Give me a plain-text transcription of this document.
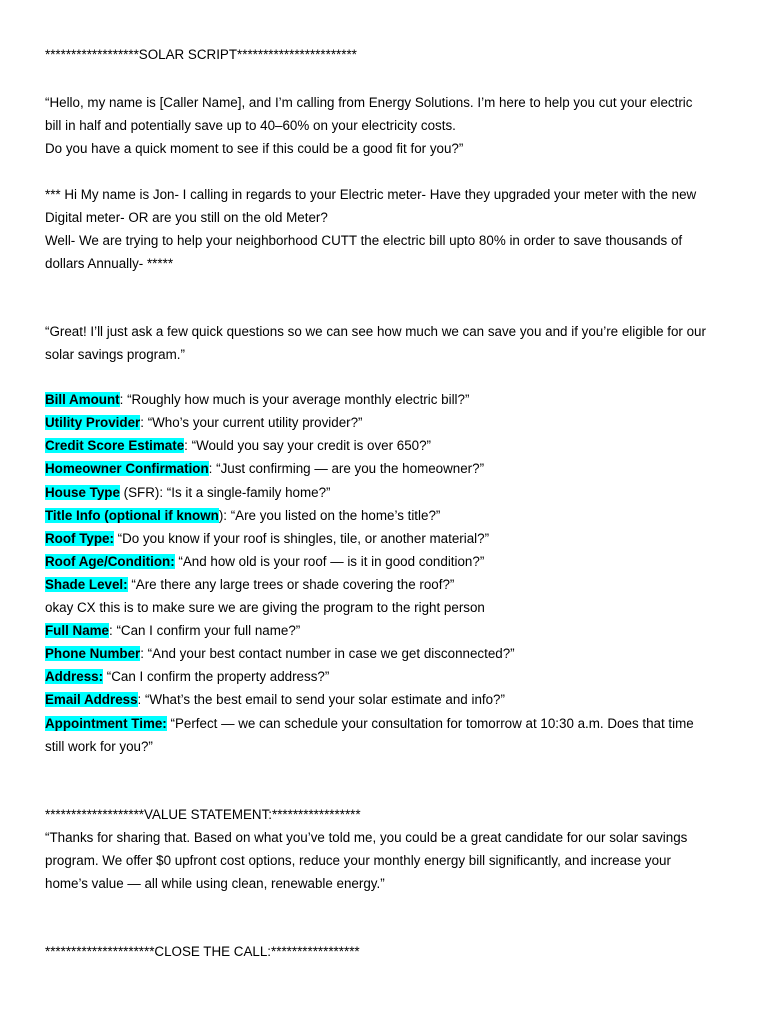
******************SOLAR SCRIPT***********************
“Hello, my name is [Caller Name], and I’m calling from Energy Solutions. I’m here to help you cut your electric
bill in half and potentially save up to 40–60% on your electricity costs.
Do you have a quick moment to see if this could be a good fit for you?”
*** Hi My name is Jon- I calling in regards to your Electric meter- Have they upgraded your meter with the new
Digital meter- OR are you still on the old Meter?
Well- We are trying to help your neighborhood CUTT the electric bill upto 80% in order to save thousands of
dollars Annually- *****
“Great! I’ll just ask a few quick questions so we can see how much we can save you and if you’re eligible for our
solar savings program.”
Bill Amount: “Roughly how much is your average monthly electric bill?”
Utility Provider: “Who’s your current utility provider?”
Credit Score Estimate: “Would you say your credit is over 650?”
Homeowner Confirmation: “Just confirming — are you the homeowner?”
House Type (SFR): “Is it a single-family home?”
Title Info (optional if known): “Are you listed on the home’s title?”
Roof Type: “Do you know if your roof is shingles, tile, or another material?”
Roof Age/Condition: “And how old is your roof — is it in good condition?”
Shade Level: “Are there any large trees or shade covering the roof?”
okay CX this is to make sure we are giving the program to the right person
Full Name: “Can I confirm your full name?”
Phone Number: “And your best contact number in case we get disconnected?”
Address: “Can I confirm the property address?”
Email Address: “What’s the best email to send your solar estimate and info?”
Appointment Time: “Perfect — we can schedule your consultation for tomorrow at 10:30 a.m. Does that time
still work for you?”
*******************VALUE STATEMENT:*****************
“Thanks for sharing that. Based on what you’ve told me, you could be a great candidate for our solar savings
program. We offer $0 upfront cost options, reduce your monthly energy bill significantly, and increase your
home’s value — all while using clean, renewable energy.”
*********************CLOSE THE CALL:*****************
